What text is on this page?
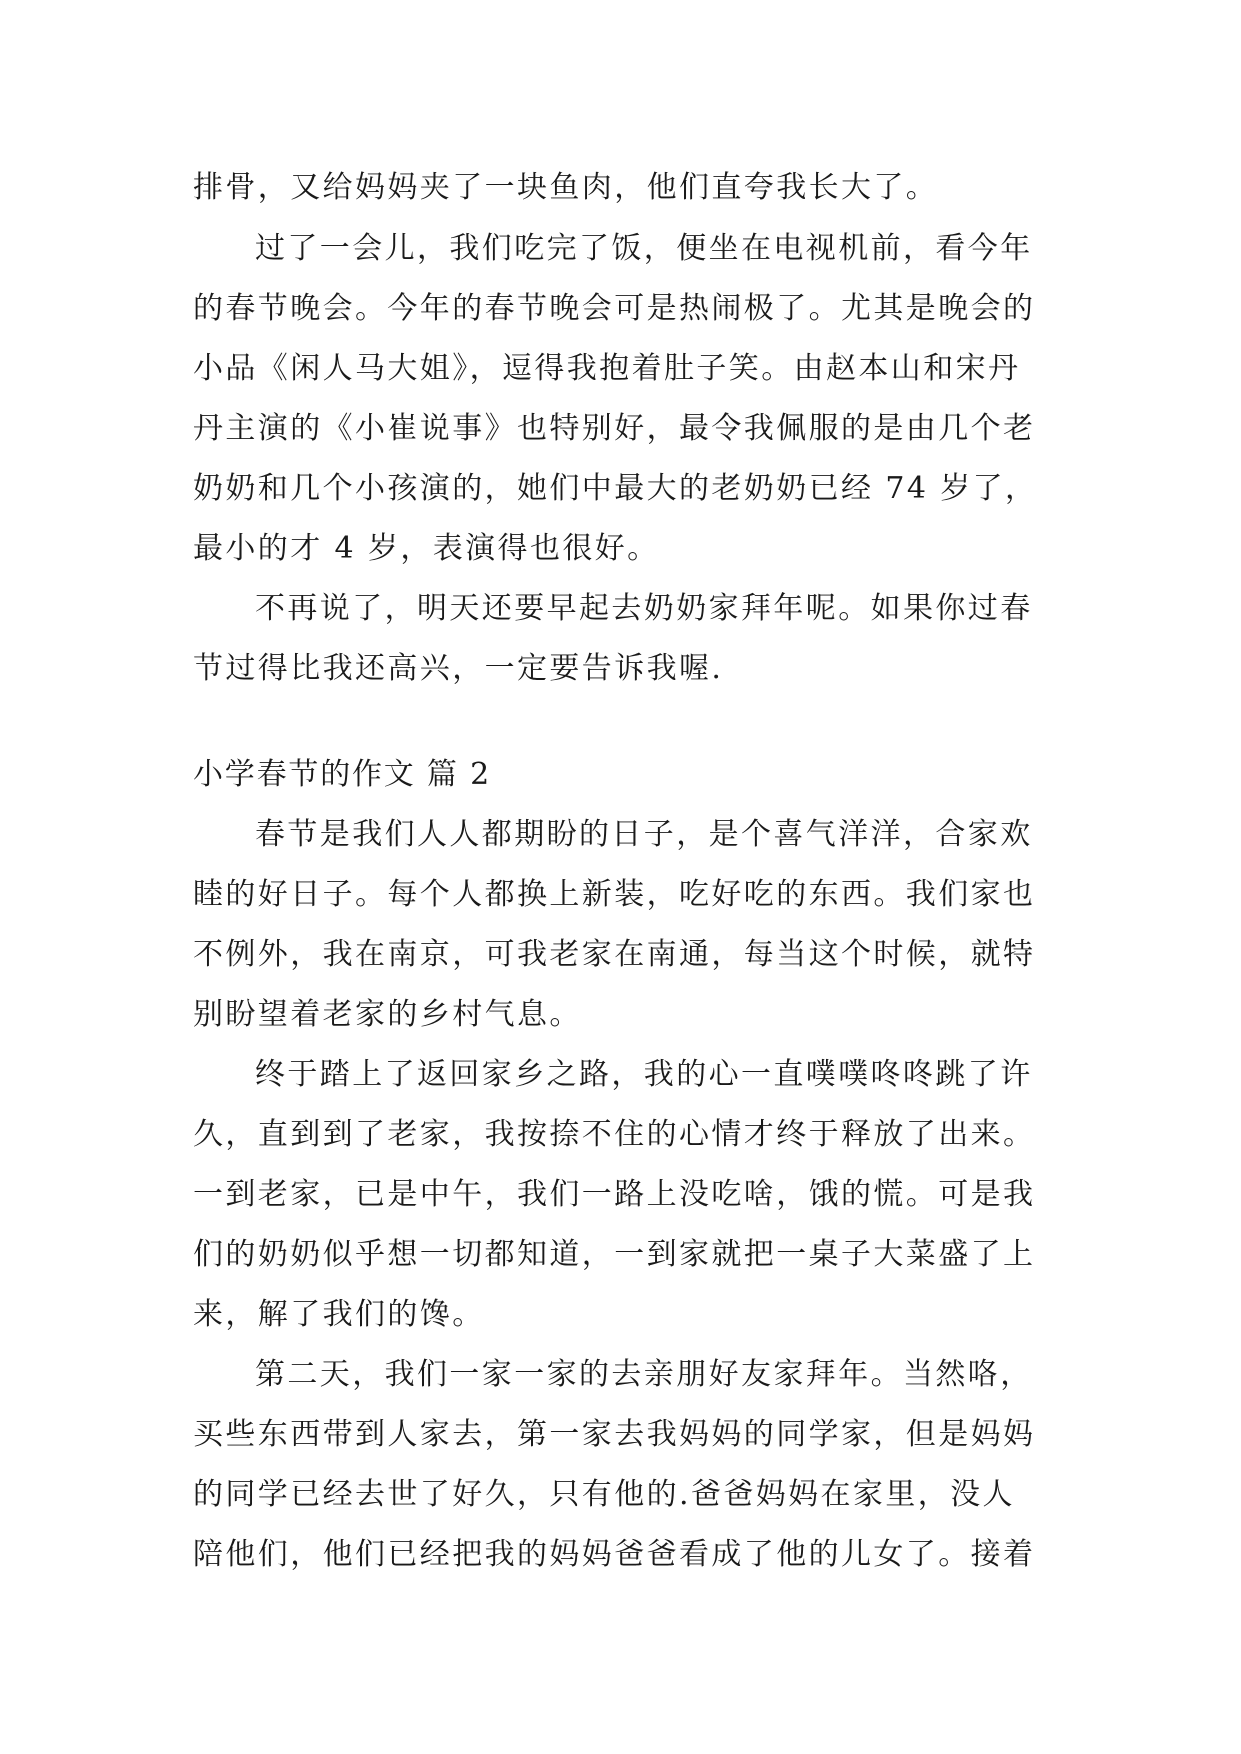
排骨，又给妈妈夹了一块鱼肉，他们直夸我长大了。
过了一会儿，我们吃完了饭，便坐在电视机前，看今年
的春节晚会。今年的春节晚会可是热闹极了。尤其是晚会的
小品《闲人马大姐》，逗得我抱着肚子笑。由赵本山和宋丹
丹主演的《小崔说事》也特别好，最令我佩服的是由几个老
奶奶和几个小孩演的，她们中最大的老奶奶已经 74 岁了，
最小的才 4 岁，表演得也很好。
不再说了，明天还要早起去奶奶家拜年呢。如果你过春
节过得比我还高兴，一定要告诉我喔.
小学春节的作文 篇 2
春节是我们人人都期盼的日子，是个喜气洋洋，合家欢
睦的好日子。每个人都换上新装，吃好吃的东西。我们家也
不例外，我在南京，可我老家在南通，每当这个时候，就特
别盼望着老家的乡村气息。
终于踏上了返回家乡之路，我的心一直噗噗咚咚跳了许
久，直到到了老家，我按捺不住的心情才终于释放了出来。
一到老家，已是中午，我们一路上没吃啥，饿的慌。可是我
们的奶奶似乎想一切都知道，一到家就把一桌子大菜盛了上
来，解了我们的馋。
第二天，我们一家一家的去亲朋好友家拜年。当然咯，
买些东西带到人家去，第一家去我妈妈的同学家，但是妈妈
的同学已经去世了好久，只有他的.爸爸妈妈在家里，没人
陪他们，他们已经把我的妈妈爸爸看成了他的儿女了。接着
